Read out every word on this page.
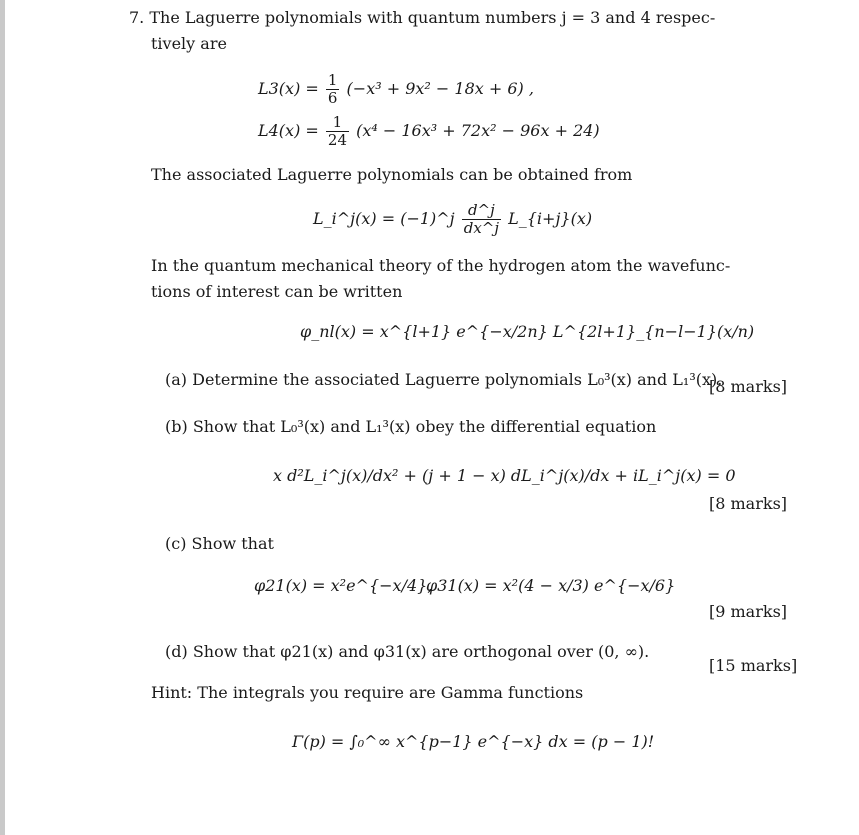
7. The Laguerre polynomials with quantum numbers j = 3 and 4 respec-
tively are
$L3(x) = \frac{1}{6} (-x^3 + 9x^2 - 18x + 6)$ ,
$L4(x) = \frac{1}{24} (x^4 - 16x^3 + 72x^2 - 96x + 24)$
The associated Laguerre polynomials can be obtained from
L_i^j(x) = (−1)^j $\frac{d\^{}j}{dx\^{}j}$ L_{i+j}(x)
In the quantum mechanical theory of the hydrogen atom the wavefunc-
tions of interest can be written
φ_nl(x) = x^{l+1} e^{−x/2n} L^{2l+1}_{n−l−1}(x/n)
(a) Determine the associated Laguerre polynomials L₀³(x) and L₁³(x).
[8 marks]
(b) Show that L₀³(x) and L₁³(x) obey the differential equation
x d²L_i^j(x)/dx² + (j + 1 − x) dL_i^j(x)/dx + iL_i^j(x) = 0
[8 marks]
(c) Show that
φ21(x) = x²e^{−x/4},
φ31(x) = x²(4 − x/3) e^{−x/6}
[9 marks]
(d) Show that φ21(x) and φ31(x) are orthogonal over (0, ∞).
[15 marks]
Hint: The integrals you require are Gamma functions
Γ(p) = ∫₀^∞ x^{p−1} e^{−x} dx = (p − 1)!
